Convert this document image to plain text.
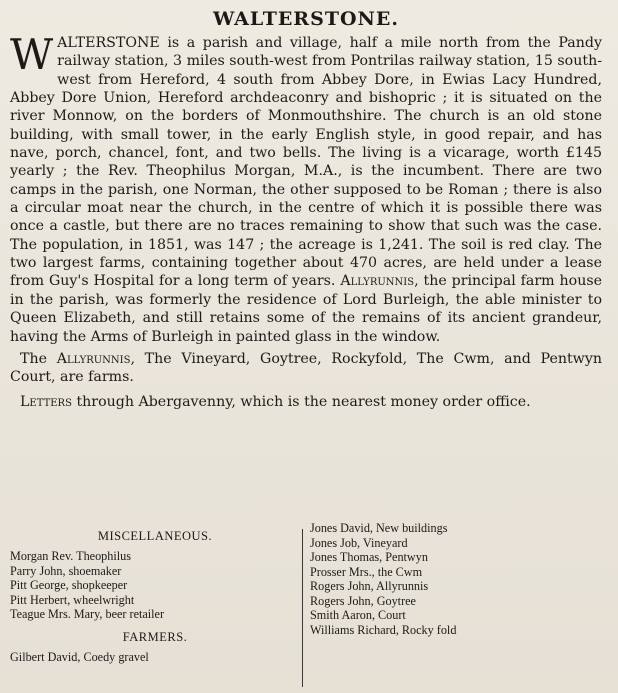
WALTERSTONE.

WALTERSTONE is a parish and village, half a mile north from the Pandy railway station, 3 miles south-west from Pontrilas railway station, 15 south-west from Hereford, 4 south from Abbey Dore, in Ewias Lacy Hundred, Abbey Dore Union, Hereford archdeaconry and bishopric ; it is situated on the river Monnow, on the borders of Monmouthshire. The church is an old stone building, with small tower, in the early English style, in good repair, and has nave, porch, chancel, font, and two bells. The living is a vicarage, worth £145 yearly ; the Rev. Theophilus Morgan, M.A., is the incumbent. There are two camps in the parish, one Norman, the other supposed to be Roman ; there is also a circular moat near the church, in the centre of which it is possible there was once a castle, but there are no traces remaining to show that such was the case. The population, in 1851, was 147 ; the acreage is 1,241. The soil is red clay. The two largest farms, containing together about 470 acres, are held under a lease from Guy's Hospital for a long term of years. Allyrunnis, the principal farm house in the parish, was formerly the residence of Lord Burleigh, the able minister to Queen Elizabeth, and still retains some of the remains of its ancient grandeur, having the Arms of Burleigh in painted glass in the window.

The Allyrunnis, The Vineyard, Goytree, Rockyfold, The Cwm, and Pentwyn Court, are farms.

Letters through Abergavenny, which is the nearest money order office.

MISCELLANEOUS.
Morgan Rev. Theophilus
Parry John, shoemaker
Pitt George, shopkeeper
Pitt Herbert, wheelwright
Teague Mrs. Mary, beer retailer
FARMERS.
Gilbert David, Coedy gravel
Jones David, New buildings
Jones Job, Vineyard
Jones Thomas, Pentwyn
Prosser Mrs., the Cwm
Rogers John, Allyrunnis
Rogers John, Goytree
Smith Aaron, Court
Williams Richard, Rocky fold
